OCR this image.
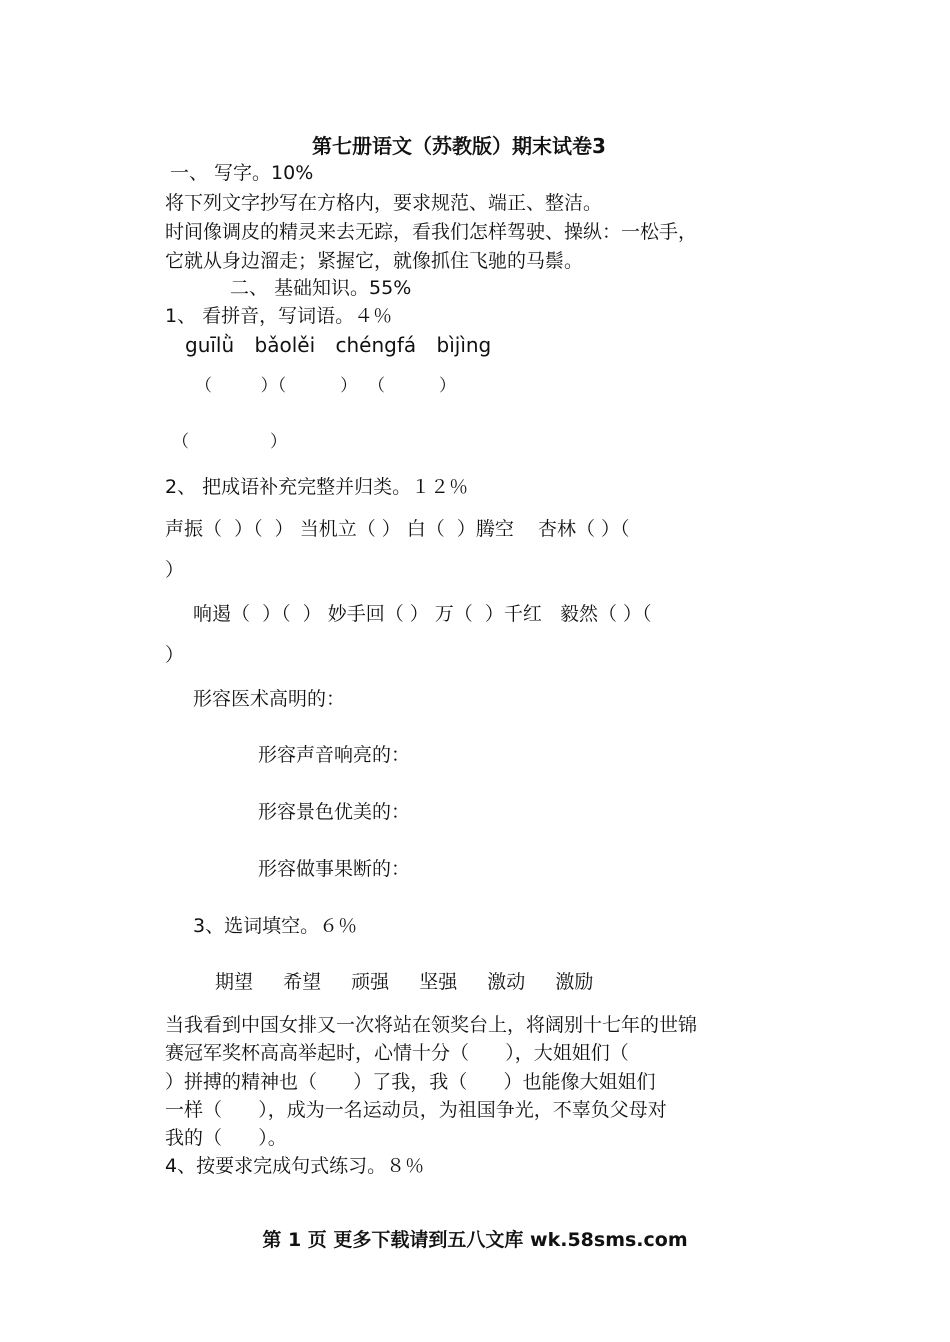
第七册语文（苏教版）期末试卷3
一、 写字。10%
将下列文字抄写在方格内，要求规范、端正、整洁。
时间像调皮的精灵来去无踪，看我们怎样驾驶、操纵：一松手，
它就从身边溜走；紧握它，就像抓住飞驰的马鬃。
二、 基础知识。55%
1、 看拼音，写词语。４％
guīlǜ bǎolěi chéngfá bìjìng
（         ）（          ）  （          ）
（               ）
2、 把成语补充完整并归类。１２％
声振（  ）（  ） 当机立（ ） 白（  ）腾空    杏林（ ）（
）
响遏（  ）（  ） 妙手回（ ） 万（  ）千红   毅然（ ）（
）
形容医术高明的：
形容声音响亮的：
形容景色优美的：
形容做事果断的：
3、选词填空。６％
期望 希望 顽强 坚强 激动 激励
当我看到中国女排又一次将站在领奖台上，将阔别十七年的世锦
赛冠军奖杯高高举起时，心情十分（      ），大姐姐们（
）拼搏的精神也（      ）了我，我（      ）也能像大姐姐们
一样（      ），成为一名运动员，为祖国争光，不辜负父母对
我的（      ）。
4、按要求完成句式练习。８％
第 1 页 更多下载请到五八文库 wk.58sms.com
